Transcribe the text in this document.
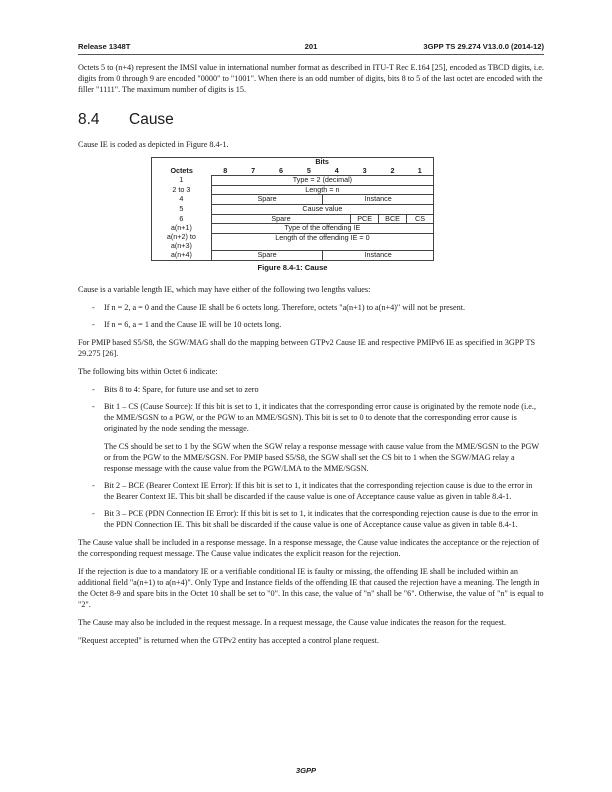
Release 1348T	201	3GPP TS 29.274 V13.0.0 (2014-12)

Octets 5 to (n+4) represent the IMSI value in international number format as described in ITU-T Rec E.164 [25], encoded as TBCD digits, i.e. digits from 0 through 9 are encoded "0000" to "1001". When there is an odd number of digits, bits 8 to 5 of the last octet are encoded with the filler "1111". The maximum number of digits is 15.

8.4 Cause

Cause IE is coded as depicted in Figure 8.4-1.

	Bits							
Octets	8	7	6	5	4	3	2	1
1	Type = 2 (decimal)							
2 to 3	Length = n							
4	Spare				Instance			
5	Cause value							
6	Spare					PCE	BCE	CS
a(n+1)	Type of the offending IE							
a(n+2) to	Length of the offending IE = 0							
a(n+3)								
a(n+4)	Spare				Instance			
Figure 8.4-1: Cause

Cause is a variable length IE, which may have either of the following two lengths values:

- If n = 2, a = 0 and the Cause IE shall be 6 octets long. Therefore, octets "a(n+1) to a(n+4)" will not be present.
- If n = 6, a = 1 and the Cause IE will be 10 octets long.

For PMIP based S5/S8, the SGW/MAG shall do the mapping between GTPv2 Cause IE and respective PMIPv6 IE as specified in 3GPP TS 29.275 [26].

The following bits within Octet 6 indicate:

- Bits 8 to 4: Spare, for future use and set to zero

- Bit 1 – CS (Cause Source): If this bit is set to 1, it indicates that the corresponding error cause is originated by the remote node (i.e., the MME/SGSN to a PGW, or the PGW to an MME/SGSN). This bit is set to 0 to denote that the corresponding error cause is originated by the node sending the message.

The CS should be set to 1 by the SGW when the SGW relay a response message with cause value from the MME/SGSN to the PGW or from the PGW to the MME/SGSN. For PMIP based S5/S8, the SGW shall set the CS bit to 1 when the SGW/MAG relay a response message with the cause value from the PGW/LMA to the MME/SGSN.

- Bit 2 – BCE (Bearer Context IE Error): If this bit is set to 1, it indicates that the corresponding rejection cause is due to the error in the Bearer Context IE. This bit shall be discarded if the cause value is one of Acceptance cause value as given in table 8.4-1.
- Bit 3 – PCE (PDN Connection IE Error): If this bit is set to 1, it indicates that the corresponding rejection cause is due to the error in the PDN Connection IE. This bit shall be discarded if the cause value is one of Acceptance cause value as given in table 8.4-1.

The Cause value shall be included in a response message. In a response message, the Cause value indicates the acceptance or the rejection of the corresponding request message. The Cause value indicates the explicit reason for the rejection.

If the rejection is due to a mandatory IE or a verifiable conditional IE is faulty or missing, the offending IE shall be included within an additional field "a(n+1) to a(n+4)". Only Type and Instance fields of the offending IE that caused the rejection have a meaning. The length in the Octet 8-9 and spare bits in the Octet 10 shall be set to "0". In this case, the value of "n" shall be "6". Otherwise, the value of "n" is equal to "2".

The Cause may also be included in the request message. In a request message, the Cause value indicates the reason for the request.

"Request accepted" is returned when the GTPv2 entity has accepted a control plane request.

3GPP
